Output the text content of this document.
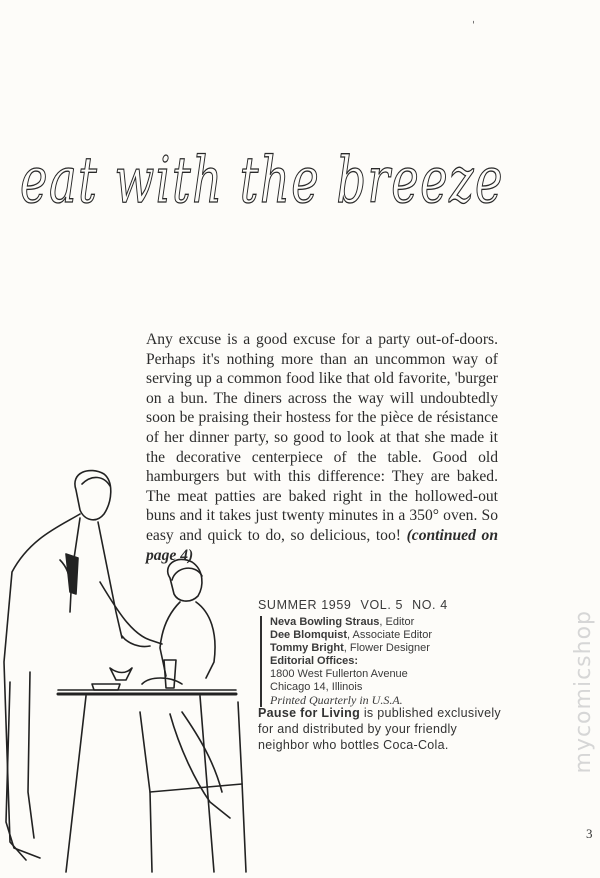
ˌ
eat with the breeze
Any excuse is a good excuse for a party out-of-doors. Perhaps it's nothing more than an uncommon way of serving up a common food like that old favorite, 'burger on a bun. The diners across the way will undoubtedly soon be praising their hostess for the pièce de résistance of her dinner party, so good to look at that she made it the decorative centerpiece of the table. Good old hamburgers but with this difference: They are baked. The meat patties are baked right in the hollowed-out buns and it takes just twenty minutes in a 350° oven. So easy and quick to do, so delicious, too! (continued on page 4)
SUMMER 1959 VOL. 5 NO. 4
Neva Bowling Straus, Editor
Dee Blomquist, Associate Editor
Tommy Bright, Flower Designer
Editorial Offices:
1800 West Fullerton Avenue
Chicago 14, Illinois
Printed Quarterly in U.S.A.
Pause for Living is published exclusively for and distributed by your friendly neighbor who bottles Coca-Cola.	mycomicshop
3
